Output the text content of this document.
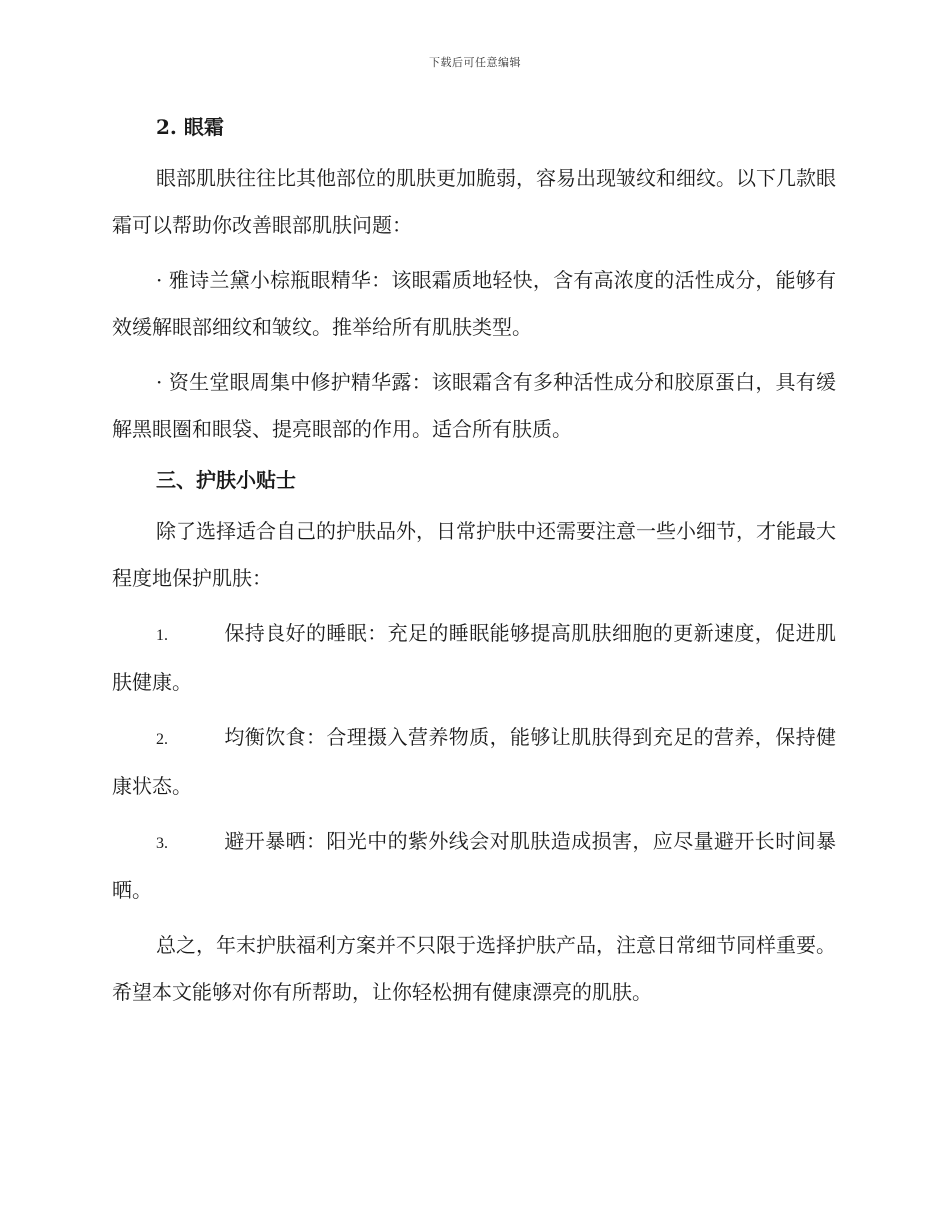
下载后可任意编辑
2. 眼霜
眼部肌肤往往比其他部位的肌肤更加脆弱，容易出现皱纹和细纹。以下几款眼霜可以帮助你改善眼部肌肤问题：
· 雅诗兰黛小棕瓶眼精华：该眼霜质地轻快，含有高浓度的活性成分，能够有效缓解眼部细纹和皱纹。推举给所有肌肤类型。
· 资生堂眼周集中修护精华露：该眼霜含有多种活性成分和胶原蛋白，具有缓解黑眼圈和眼袋、提亮眼部的作用。适合所有肤质。
三、护肤小贴士
除了选择适合自己的护肤品外，日常护肤中还需要注意一些小细节，才能最大程度地保护肌肤：
1.	保持良好的睡眠：充足的睡眠能够提高肌肤细胞的更新速度，促进肌肤健康。
2.	均衡饮食：合理摄入营养物质，能够让肌肤得到充足的营养，保持健康状态。
3.	避开暴晒：阳光中的紫外线会对肌肤造成损害，应尽量避开长时间暴晒。
总之，年末护肤福利方案并不只限于选择护肤产品，注意日常细节同样重要。希望本文能够对你有所帮助，让你轻松拥有健康漂亮的肌肤。
